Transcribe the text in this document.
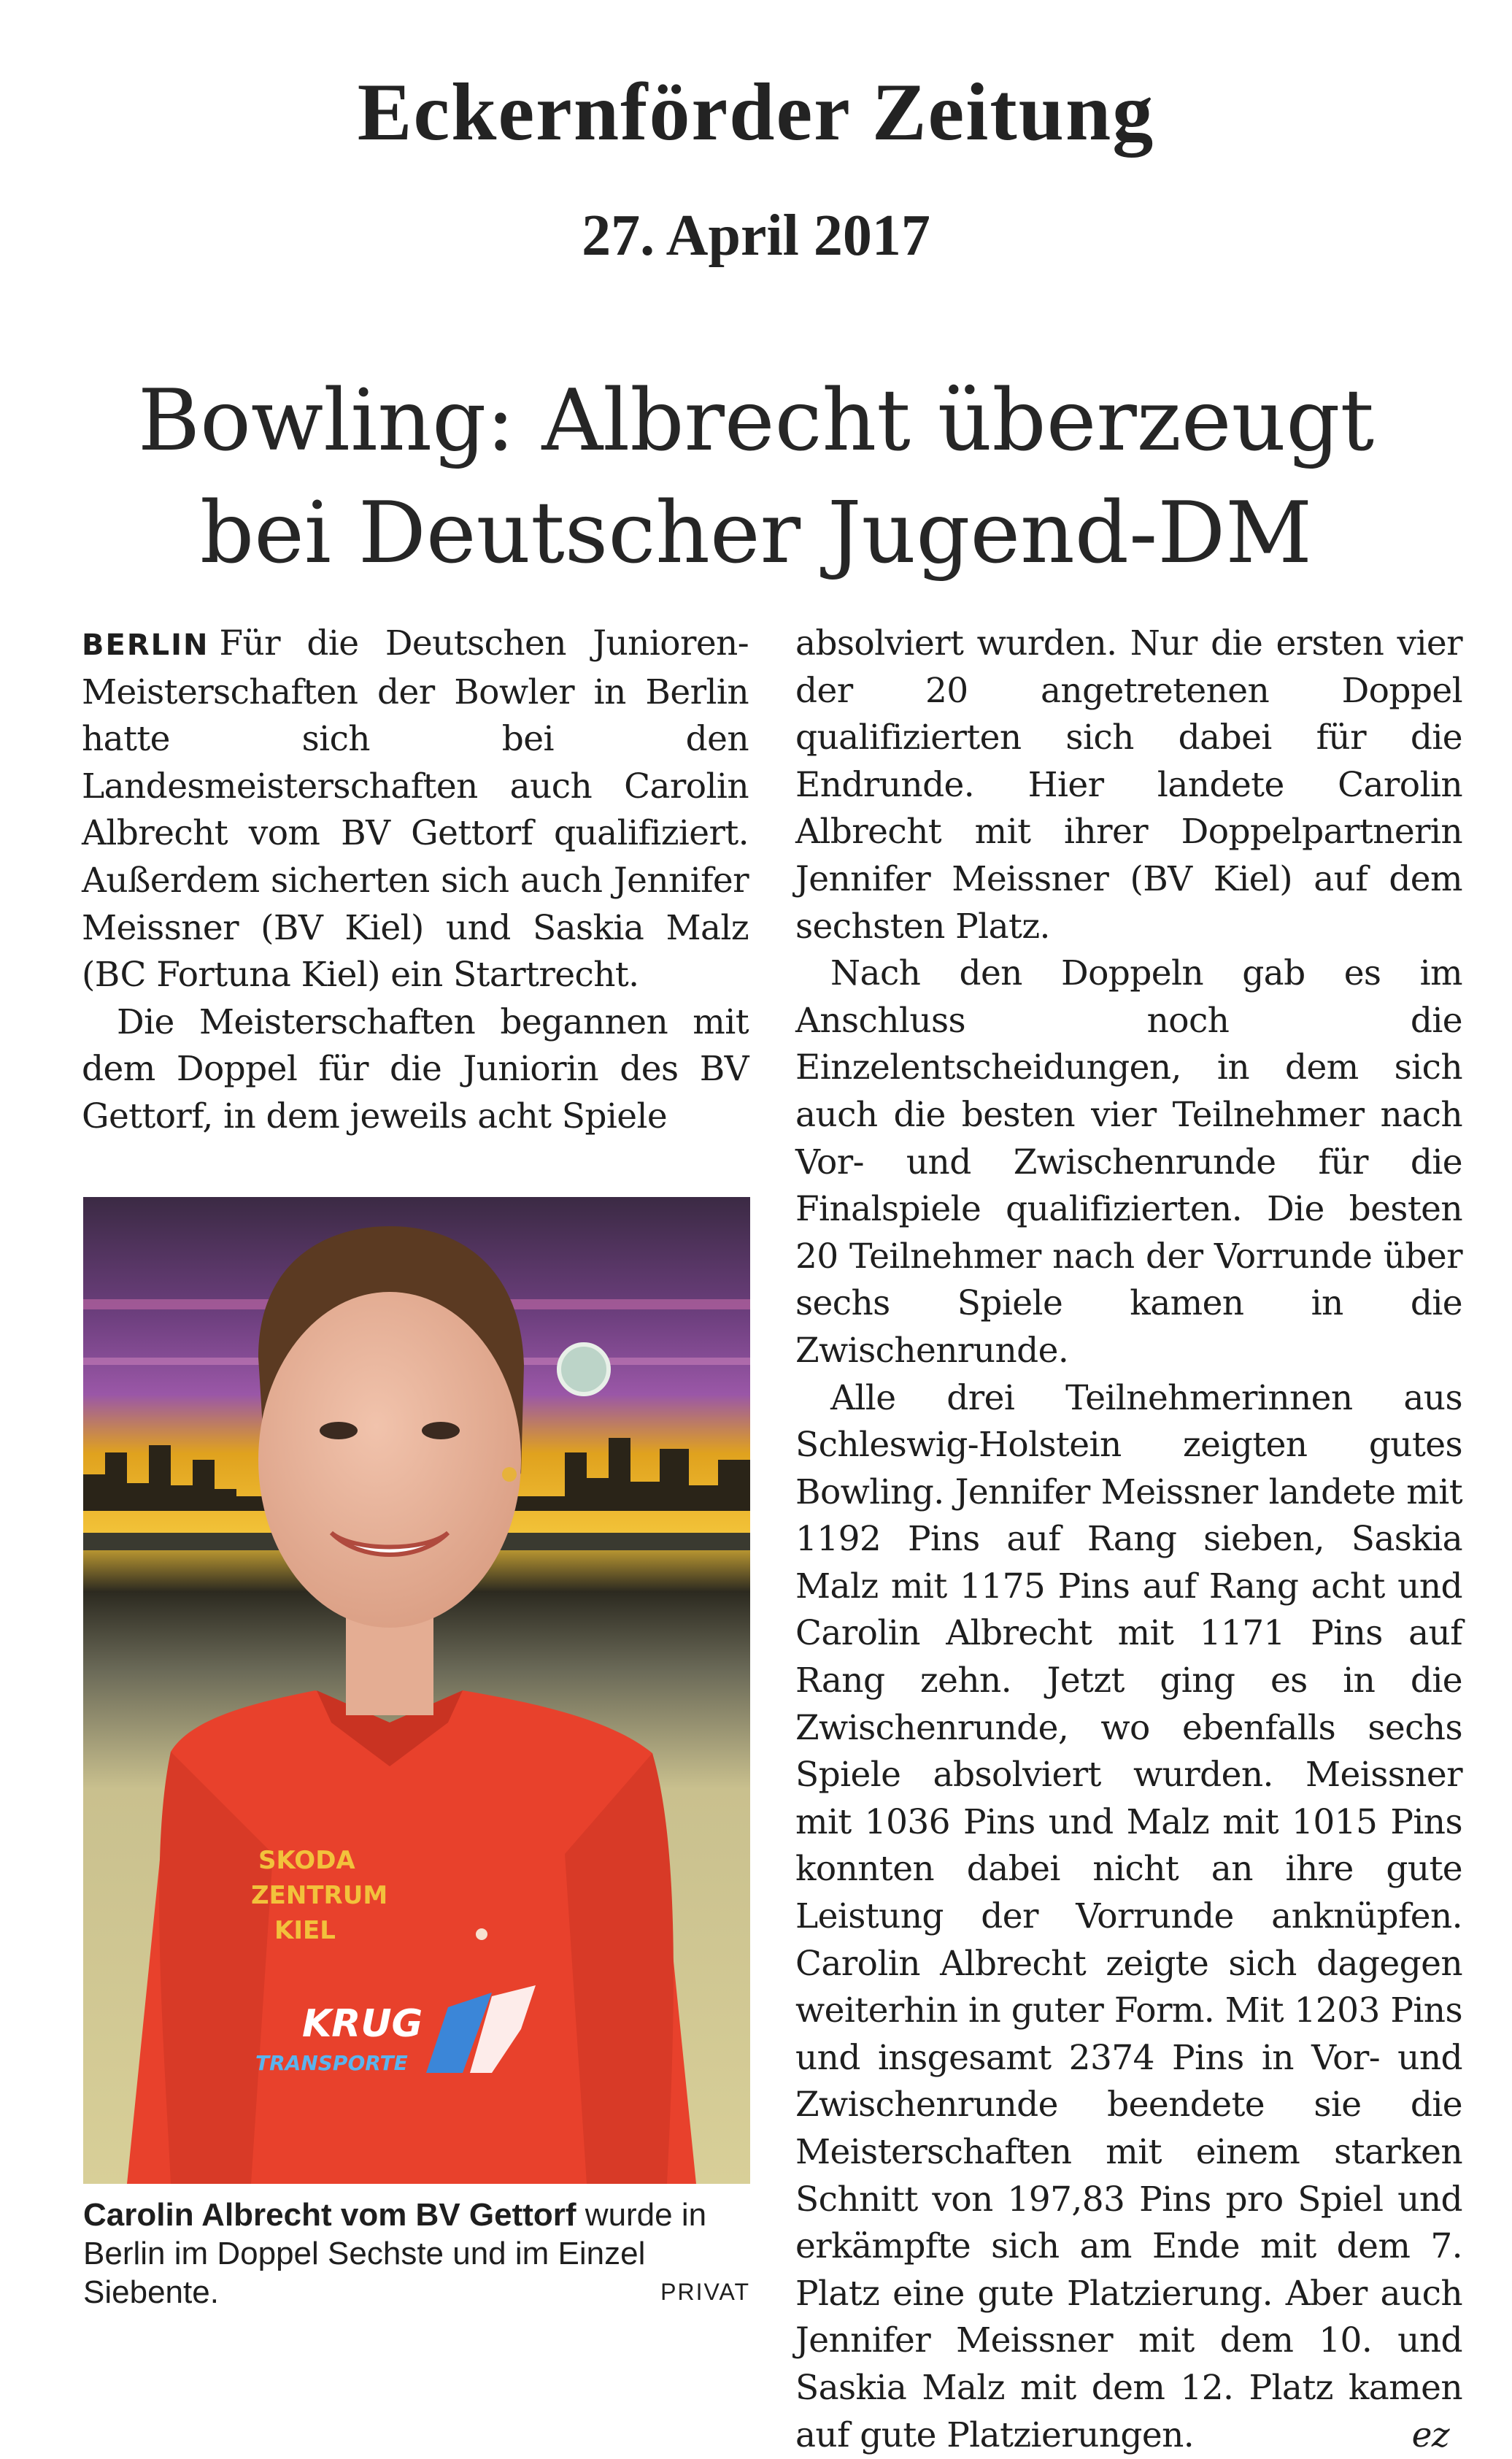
Eckernförder Zeitung
27. April 2017
Bowling: Albrecht überzeugt
bei Deutscher Jugend-DM

BERLIN Für die Deutschen Junioren-Meisterschaften der Bowler in Berlin hatte sich bei den Landesmeisterschaften auch Carolin Albrecht vom BV Gettorf qualifiziert. Außerdem sicherten sich auch Jennifer Meissner (BV Kiel) und Saskia Malz (BC Fortuna Kiel) ein Startrecht.

Die Meisterschaften begannen mit dem Doppel für die Juniorin des BV Gettorf, in dem jeweils acht Spiele

SKODA
ZENTRUM
KIEL
KRUG
TRANSPORTE
Carolin Albrecht vom BV Gettorf wurde in Berlin im Doppel Sechste und im Einzel Siebente.	PRIVAT

absolviert wurden. Nur die ersten vier der 20 angetretenen Doppel qualifizierten sich dabei für die Endrunde. Hier landete Carolin Albrecht mit ihrer Doppelpartnerin Jennifer Meissner (BV Kiel) auf dem sechsten Platz.

Nach den Doppeln gab es im Anschluss noch die Einzelentscheidungen, in dem sich auch die besten vier Teilnehmer nach Vor- und Zwischenrunde für die Finalspiele qualifizierten. Die besten 20 Teilnehmer nach der Vorrunde über sechs Spiele kamen in die Zwischenrunde.

Alle drei Teilnehmerinnen aus Schleswig-Holstein zeigten gutes Bowling. Jennifer Meissner landete mit 1192 Pins auf Rang sieben, Saskia Malz mit 1175 Pins auf Rang acht und Carolin Albrecht mit 1171 Pins auf Rang zehn. Jetzt ging es in die Zwischenrunde, wo ebenfalls sechs Spiele absolviert wurden. Meissner mit 1036 Pins und Malz mit 1015 Pins konnten dabei nicht an ihre gute Leistung der Vorrunde anknüpfen. Carolin Albrecht zeigte sich dagegen weiterhin in guter Form. Mit 1203 Pins und insgesamt 2374 Pins in Vor- und Zwischenrunde beendete sie die Meisterschaften mit einem starken Schnitt von 197,83 Pins pro Spiel und erkämpfte sich am Ende mit dem 7. Platz eine gute Platzierung. Aber auch Jennifer Meissner mit dem 10. und Saskia Malz mit dem 12. Platz kamen auf gute Platzierungen.	ez
